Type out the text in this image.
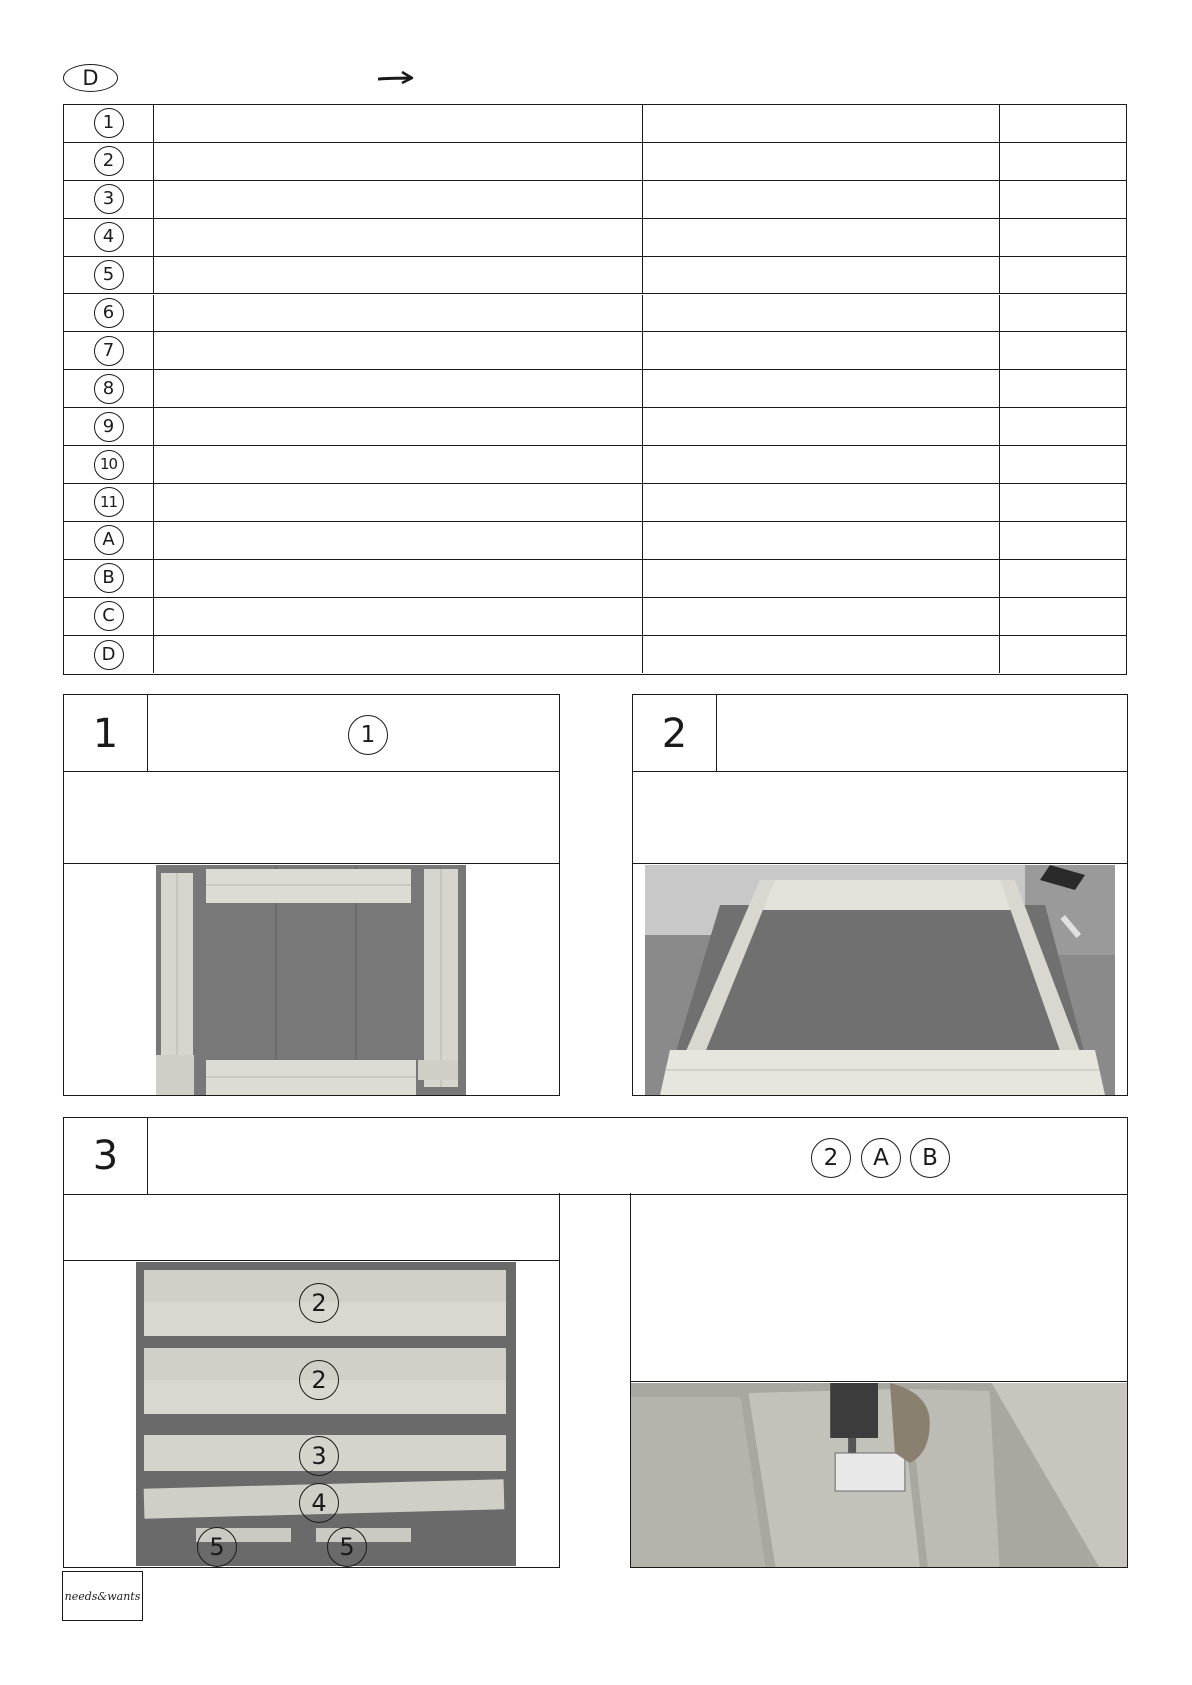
D
1
2
3
4
5
6
7
8
9
10
11
A
B
C
D
1	1	2
3	2	A	B
2
2
3
4
5	5
needs&wants
